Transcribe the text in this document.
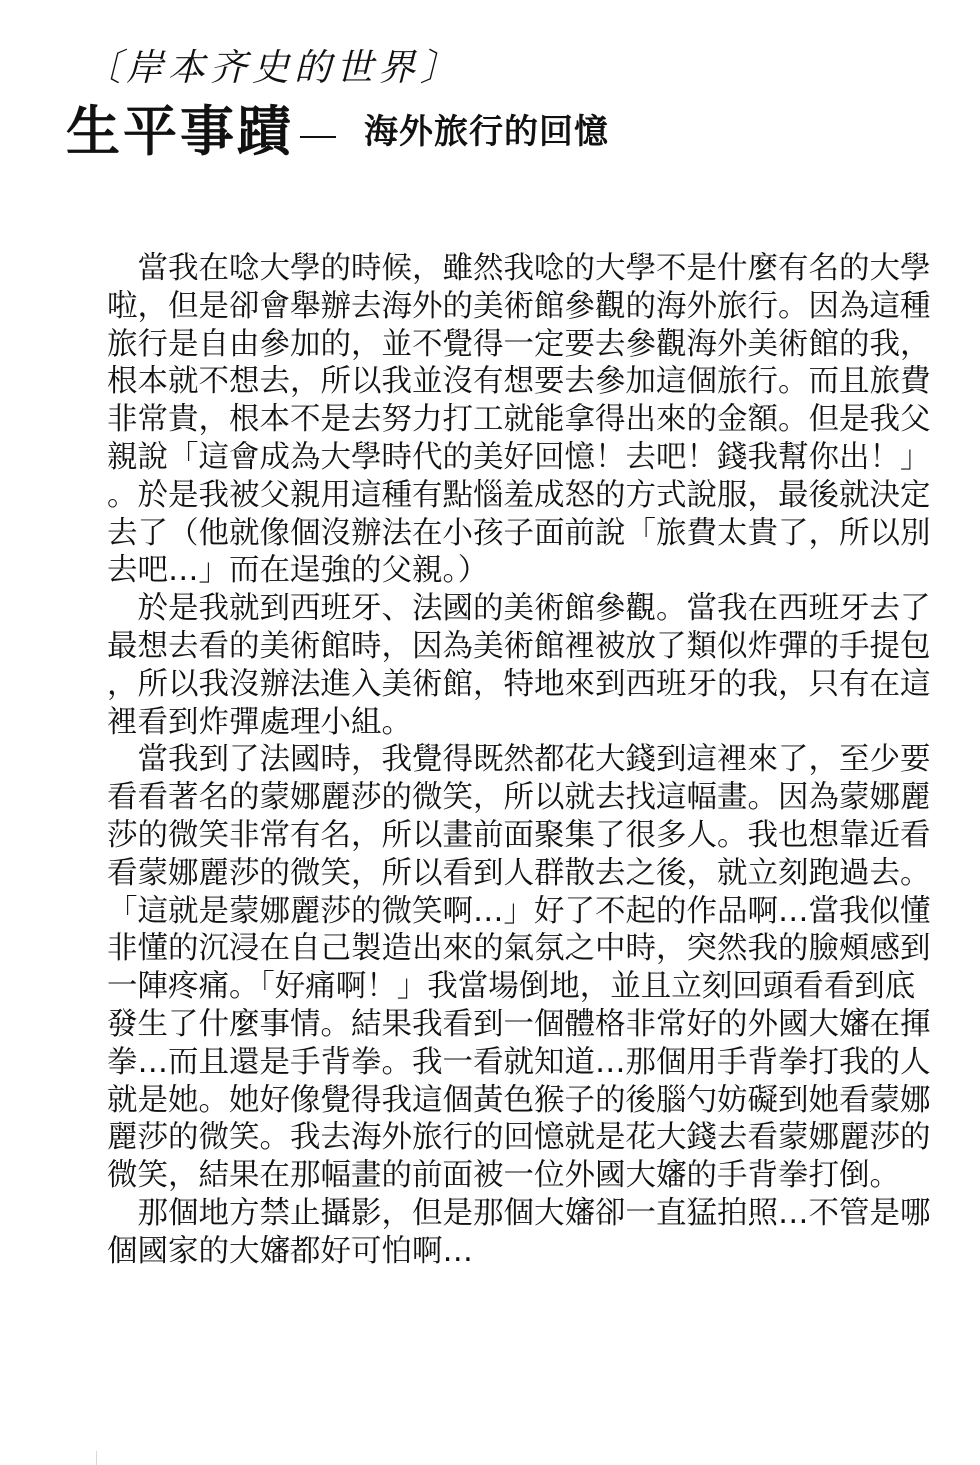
〔岸本齐史的世界〕
生平事蹟 海外旅行的回憶
　當我在唸大學的時候，雖然我唸的大學不是什麼有名的大學
啦，但是卻會舉辦去海外的美術館參觀的海外旅行。因為這種
旅行是自由參加的，並不覺得一定要去參觀海外美術館的我，
根本就不想去，所以我並沒有想要去參加這個旅行。而且旅費
非常貴，根本不是去努力打工就能拿得出來的金額。但是我父
親說「這會成為大學時代的美好回憶！去吧！錢我幫你出！」
。於是我被父親用這種有點惱羞成怒的方式說服，最後就決定
去了（他就像個沒辦法在小孩子面前說「旅費太貴了，所以別
去吧…」而在逞強的父親。）
　於是我就到西班牙、法國的美術館參觀。當我在西班牙去了
最想去看的美術館時，因為美術館裡被放了類似炸彈的手提包
，所以我沒辦法進入美術館，特地來到西班牙的我，只有在這
裡看到炸彈處理小組。
　當我到了法國時，我覺得既然都花大錢到這裡來了，至少要
看看著名的蒙娜麗莎的微笑，所以就去找這幅畫。因為蒙娜麗
莎的微笑非常有名，所以畫前面聚集了很多人。我也想靠近看
看蒙娜麗莎的微笑，所以看到人群散去之後，就立刻跑過去。
「這就是蒙娜麗莎的微笑啊…」好了不起的作品啊…當我似懂
非懂的沉浸在自己製造出來的氣氛之中時，突然我的臉頰感到
一陣疼痛。「好痛啊！」我當場倒地，並且立刻回頭看看到底
發生了什麼事情。結果我看到一個體格非常好的外國大嬸在揮
拳…而且還是手背拳。我一看就知道…那個用手背拳打我的人
就是她。她好像覺得我這個黃色猴子的後腦勺妨礙到她看蒙娜
麗莎的微笑。我去海外旅行的回憶就是花大錢去看蒙娜麗莎的
微笑，結果在那幅畫的前面被一位外國大嬸的手背拳打倒。
　那個地方禁止攝影，但是那個大嬸卻一直猛拍照…不管是哪
個國家的大嬸都好可怕啊…
